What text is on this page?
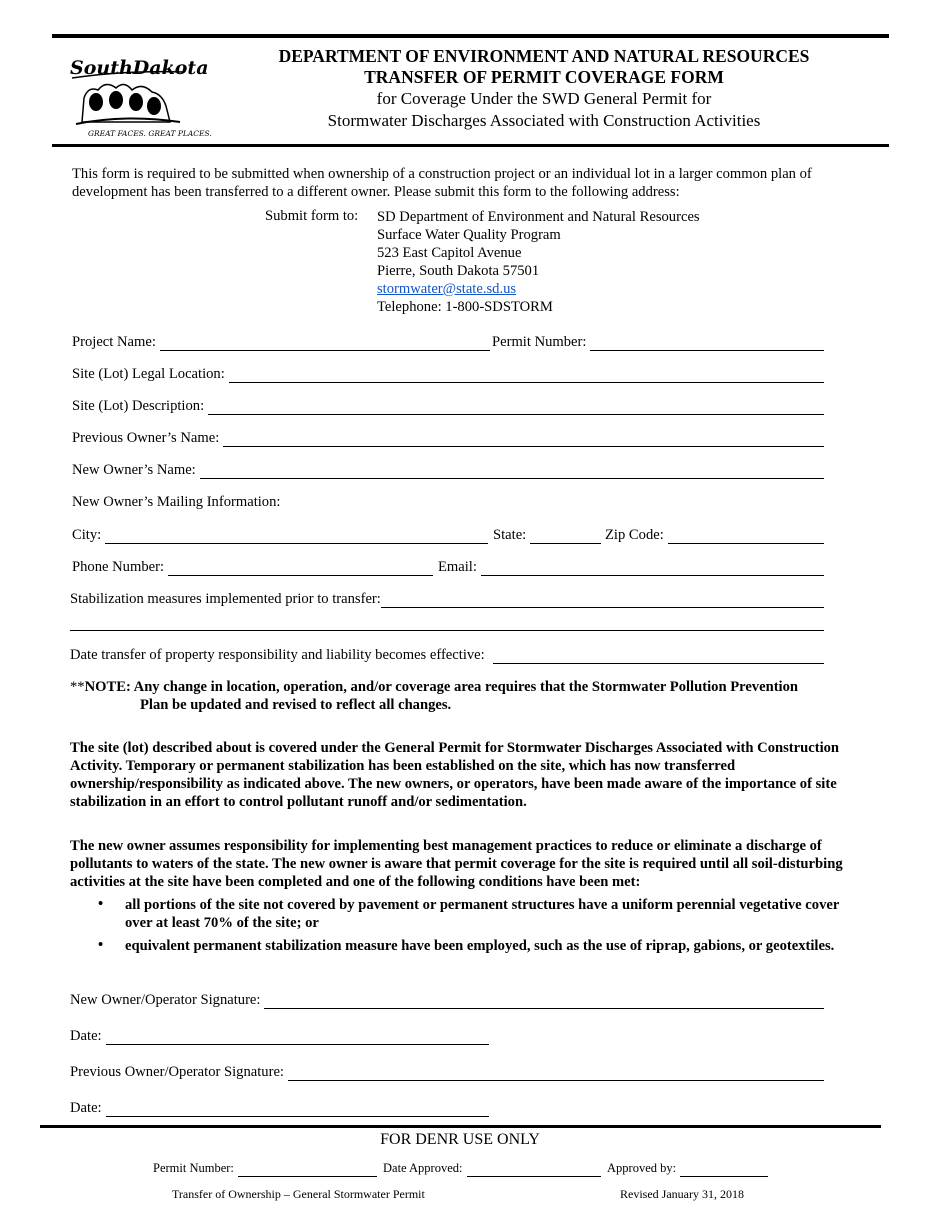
SouthDakota
GREAT FACES. GREAT PLACES.
DEPARTMENT OF ENVIRONMENT AND NATURAL RESOURCES
TRANSFER OF PERMIT COVERAGE FORM
for Coverage Under the SWD General Permit for
Stormwater Discharges Associated with Construction Activities
This form is required to be submitted when ownership of a construction project or an individual lot in a larger common plan of development has been transferred to a different owner. Please submit this form to the following address:
Submit form to: SD Department of Environment and Natural Resources
Surface Water Quality Program
523 East Capitol Avenue
Pierre, South Dakota 57501
stormwater@state.sd.us
Telephone: 1-800-SDSTORM
Project Name:	Permit Number:
Site (Lot) Legal Location:
Site (Lot) Description:
Previous Owner’s Name:
New Owner’s Name:
New Owner’s Mailing Information:
City:	State:	Zip Code:
Phone Number:	Email:
Stabilization measures implemented prior to transfer:
Date transfer of property responsibility and liability becomes effective:
**NOTE: Any change in location, operation, and/or coverage area requires that the Stormwater Pollution Prevention
Plan be updated and revised to reflect all changes.
The site (lot) described about is covered under the General Permit for Stormwater Discharges Associated with Construction Activity. Temporary or permanent stabilization has been established on the site, which has now transferred ownership/responsibility as indicated above. The new owners, or operators, have been made aware of the importance of site stabilization in an effort to control pollutant runoff and/or sedimentation.
The new owner assumes responsibility for implementing best management practices to reduce or eliminate a discharge of pollutants to waters of the state. The new owner is aware that permit coverage for the site is required until all soil-disturbing activities at the site have been completed and one of the following conditions have been met:
• all portions of the site not covered by pavement or permanent structures have a uniform perennial vegetative cover over at least 70% of the site; or
• equivalent permanent stabilization measure have been employed, such as the use of riprap, gabions, or geotextiles.
New Owner/Operator Signature:
Date:
Previous Owner/Operator Signature:
Date:
FOR DENR USE ONLY
Permit Number:	Date Approved:	Approved by:
Transfer of Ownership – General Stormwater Permit	Revised January 31, 2018
